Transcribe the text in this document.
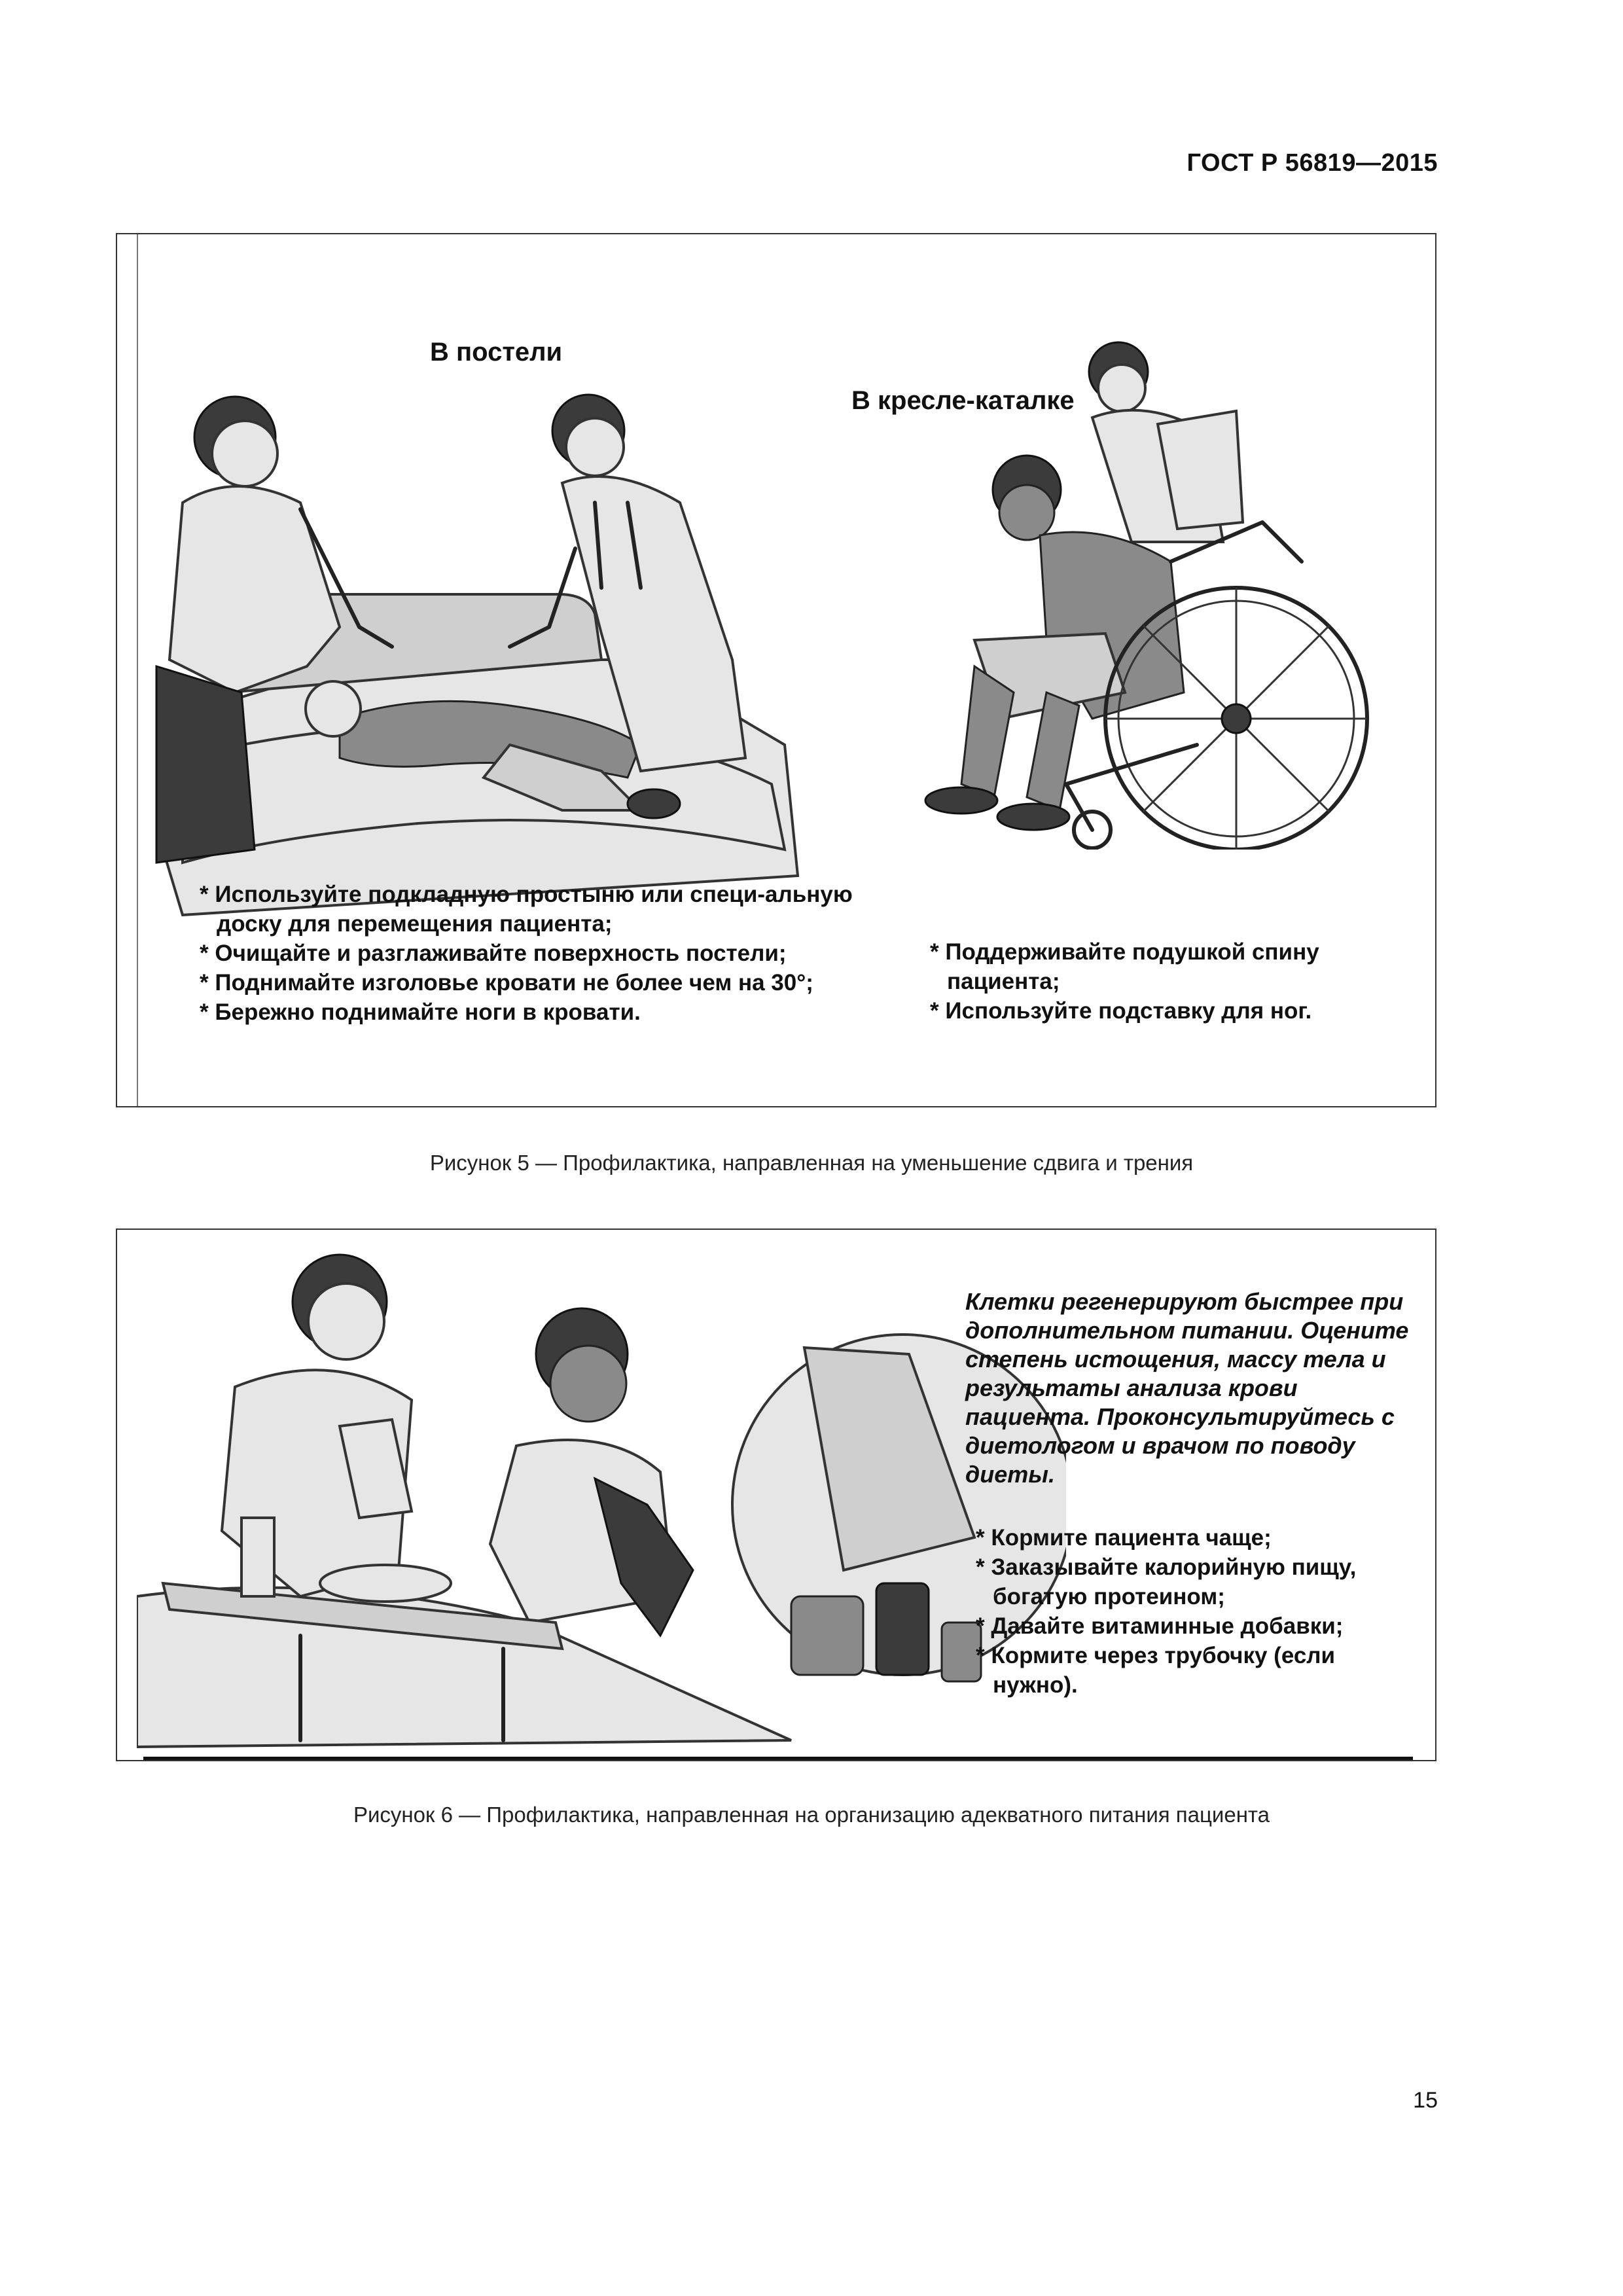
ГОСТ Р 56819—2015
В постели
В кресле-каталке
* Используйте подкладную простыню или специ-альную доску для перемещения пациента;
* Очищайте и разглаживайте поверхность постели;
* Поднимайте изголовье кровати не более чем на 30°;
* Бережно поднимайте ноги в кровати.
* Поддерживайте подушкой спину пациента;
* Используйте подставку для ног.
Рисунок 5 — Профилактика, направленная на уменьшение сдвига и трения
Клетки регенерируют быстрее при дополнительном питании. Оцените степень истощения, массу тела и результаты анализа крови пациента. Проконсультируйтесь с диетологом и врачом по поводу диеты.
* Кормите пациента чаще;
* Заказывайте калорийную пищу, богатую протеином;
* Давайте витаминные добавки;
* Кормите через трубочку (если нужно).
Рисунок 6 — Профилактика, направленная на организацию адекватного питания пациента
15
